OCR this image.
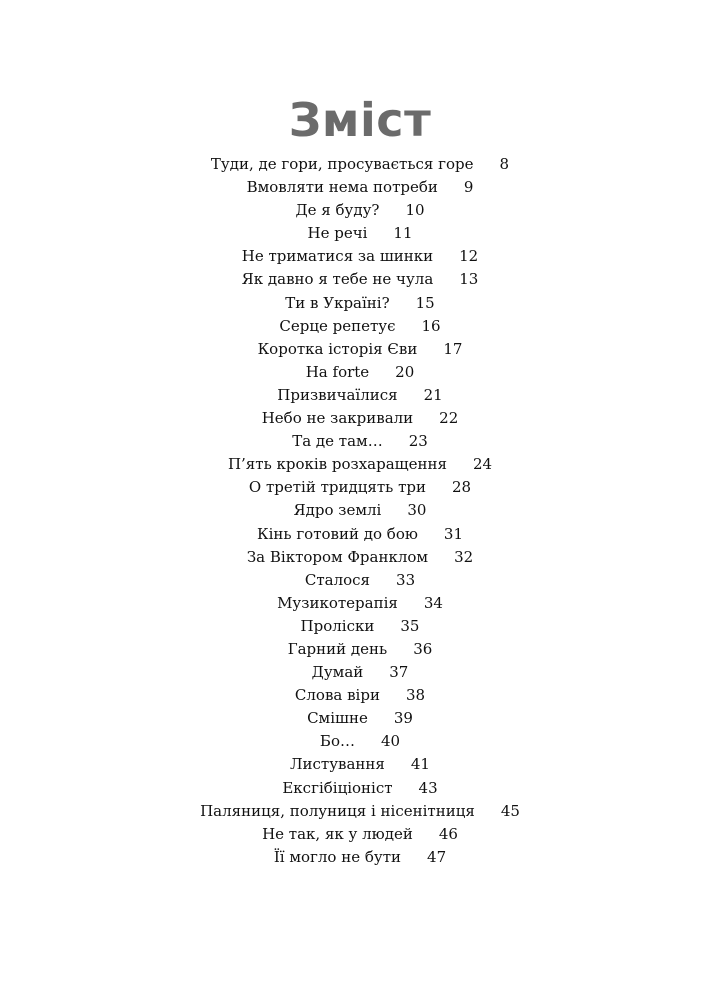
Зміст
Туди, де гори, просувається горе 8
Вмовляти нема потреби 9
Де я буду? 10
Не речі 11
Не триматися за шинки 12
Як давно я тебе не чула 13
Ти в Україні? 15
Серце репетує 16
Коротка історія Єви 17
На forte 20
Призвичаїлися 21
Небо не закривали 22
Та де там… 23
П’ять кроків розхаращення 24
О третій тридцять три 28
Ядро землі 30
Кінь готовий до бою 31
За Віктором Франклом 32
Сталося 33
Музикотерапія 34
Проліски 35
Гарний день 36
Думай 37
Слова віри 38
Смішне 39
Бо… 40
Листування 41
Ексгібіціоніст 43
Паляниця, полуниця і нісенітниця 45
Не так, як у людей 46
Її могло не бути 47
